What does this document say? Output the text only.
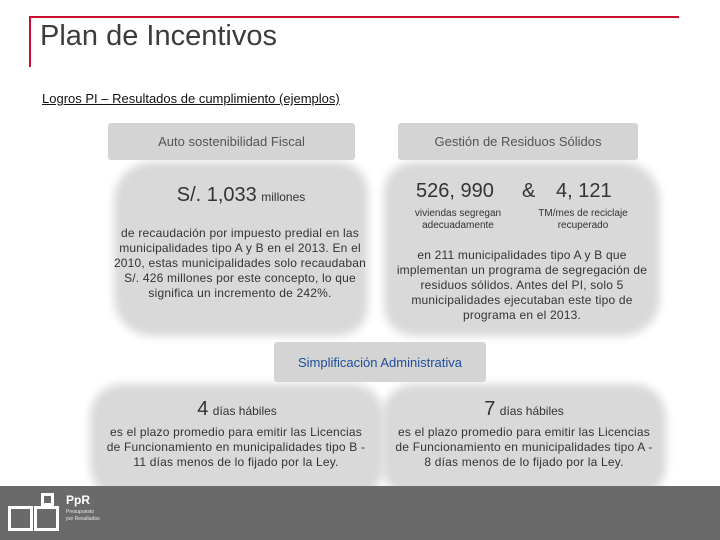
Plan de Incentivos
Logros PI – Resultados de cumplimiento (ejemplos)
Auto sostenibilidad Fiscal
S/. 1,033 millones
de recaudación por impuesto predial en las municipalidades tipo A y B en el 2013. En el 2010, estas municipalidades solo recaudaban S/. 426 millones por este concepto, lo que significa un incremento de 242%.
Gestión de Residuos Sólidos
526, 990 & 4, 121
viviendas segregan adecuadamente
TM/mes de reciclaje recuperado
en 211 municipalidades tipo A y B que implementan un programa de segregación de residuos sólidos. Antes del PI, solo 5 municipalidades ejecutaban este tipo de programa en el 2013.
Simplificación Administrativa
4 días hábiles
es el plazo promedio para emitir las Licencias de Funcionamiento en municipalidades tipo B - 11 días menos de lo fijado por la Ley.
7 días hábiles
es el plazo promedio para emitir las Licencias de Funcionamiento en municipalidades tipo A - 8 días menos de lo fijado por la Ley.
PpR
Presupuesto
por Resultados
